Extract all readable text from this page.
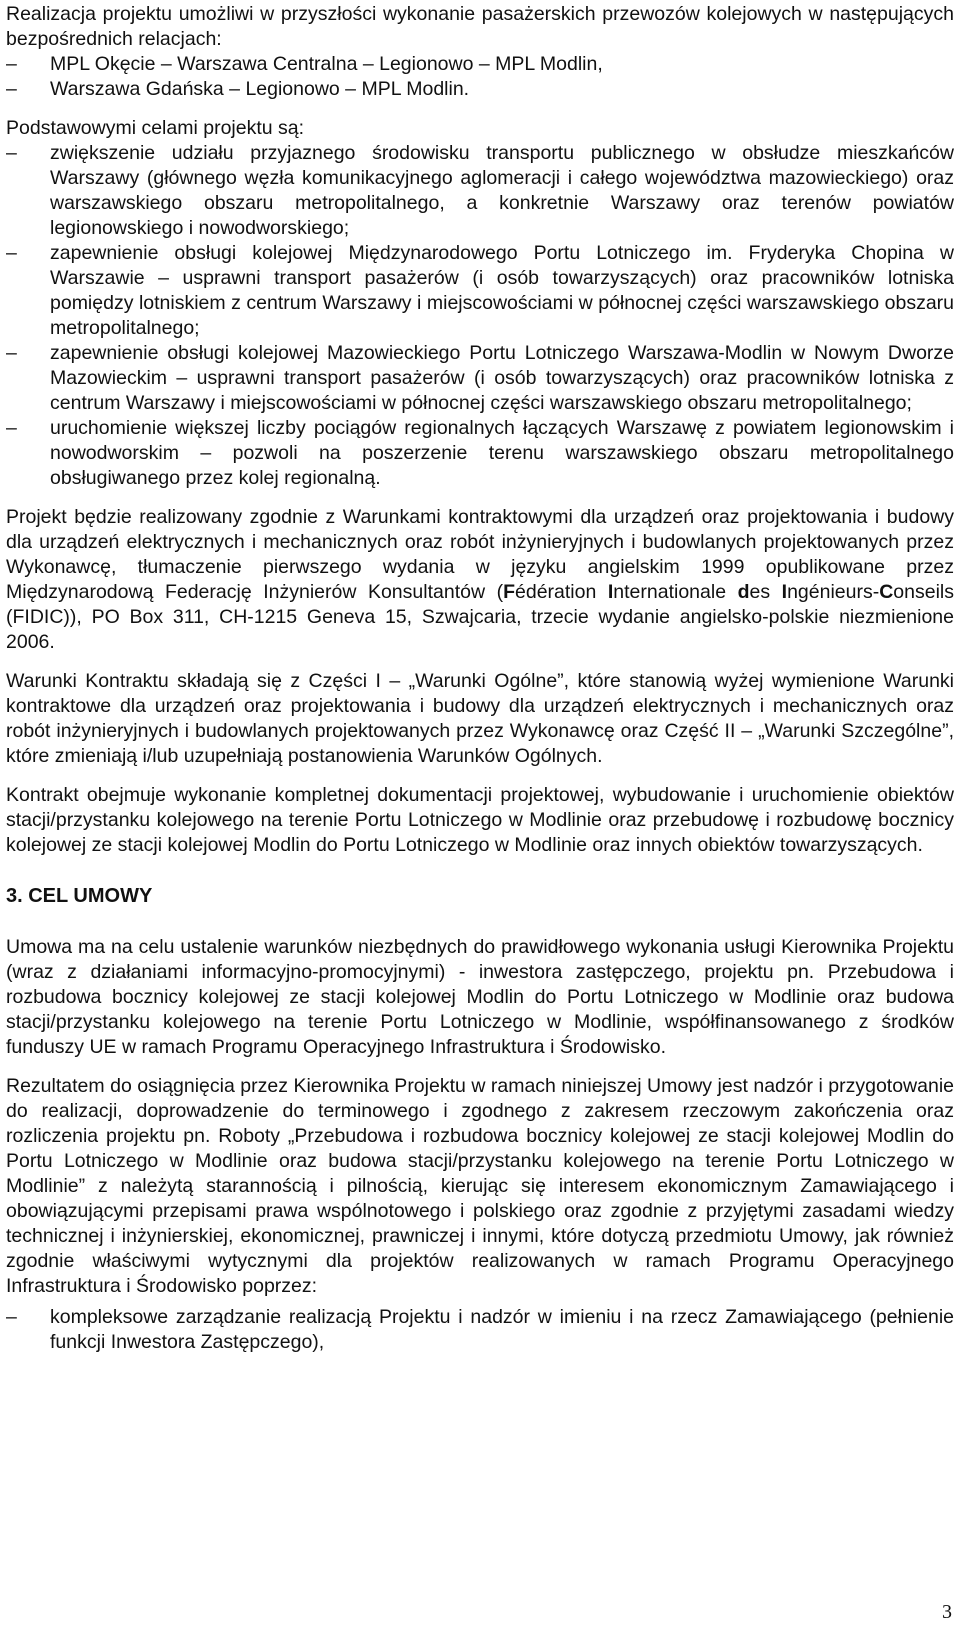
Realizacja projektu umożliwi w przyszłości wykonanie pasażerskich przewozów kolejowych w następujących bezpośrednich relacjach:

–	MPL Okęcie – Warszawa Centralna – Legionowo – MPL Modlin,
–	Warszawa Gdańska – Legionowo – MPL Modlin.

Podstawowymi celami projektu są:

–	zwiększenie udziału przyjaznego środowisku transportu publicznego w obsłudze mieszkańców Warszawy (głównego węzła komunikacyjnego aglomeracji i całego województwa mazowieckiego) oraz warszawskiego obszaru metropolitalnego, a konkretnie Warszawy oraz terenów powiatów legionowskiego i nowodworskiego;
–	zapewnienie obsługi kolejowej Międzynarodowego Portu Lotniczego im. Fryderyka Chopina w Warszawie – usprawni transport pasażerów (i osób towarzyszących) oraz pracowników lotniska pomiędzy lotniskiem z centrum Warszawy i miejscowościami w północnej części warszawskiego obszaru metropolitalnego;
–	zapewnienie obsługi kolejowej Mazowieckiego Portu Lotniczego Warszawa-Modlin w Nowym Dworze Mazowieckim – usprawni transport pasażerów (i osób towarzyszących) oraz pracowników lotniska z centrum Warszawy i miejscowościami w północnej części warszawskiego obszaru metropolitalnego;
–	uruchomienie większej liczby pociągów regionalnych łączących Warszawę z powiatem legionowskim i nowodworskim – pozwoli na poszerzenie terenu warszawskiego obszaru metropolitalnego obsługiwanego przez kolej regionalną.

Projekt będzie realizowany zgodnie z Warunkami kontraktowymi dla urządzeń oraz projektowania i budowy dla urządzeń elektrycznych i mechanicznych oraz robót inżynieryjnych i budowlanych projektowanych przez Wykonawcę, tłumaczenie pierwszego wydania w języku angielskim 1999 opublikowane przez Międzynarodową Federację Inżynierów Konsultantów (Fédération Internationale des Ingénieurs-Conseils (FIDIC)), PO Box 311, CH-1215 Geneva 15, Szwajcaria, trzecie wydanie angielsko-polskie niezmienione 2006.

Warunki Kontraktu składają się z Części I – „Warunki Ogólne”, które stanowią wyżej wymienione Warunki kontraktowe dla urządzeń oraz projektowania i budowy dla urządzeń elektrycznych i mechanicznych oraz robót inżynieryjnych i budowlanych projektowanych przez Wykonawcę oraz Część II – „Warunki Szczególne”, które zmieniają i/lub uzupełniają postanowienia Warunków Ogólnych.

Kontrakt obejmuje wykonanie kompletnej dokumentacji projektowej, wybudowanie i uruchomienie obiektów stacji/przystanku kolejowego na terenie Portu Lotniczego w Modlinie oraz przebudowę i rozbudowę bocznicy kolejowej ze stacji kolejowej Modlin do Portu Lotniczego w Modlinie oraz innych obiektów towarzyszących.

3. CEL UMOWY

Umowa ma na celu ustalenie warunków niezbędnych do prawidłowego wykonania usługi Kierownika Projektu (wraz z działaniami informacyjno-promocyjnymi) - inwestora zastępczego, projektu pn. Przebudowa i rozbudowa bocznicy kolejowej ze stacji kolejowej Modlin do Portu Lotniczego w Modlinie oraz budowa stacji/przystanku kolejowego na terenie Portu Lotniczego w Modlinie, współfinansowanego z środków funduszy UE w ramach Programu Operacyjnego Infrastruktura i Środowisko.

Rezultatem do osiągnięcia przez Kierownika Projektu w ramach niniejszej Umowy jest nadzór i przygotowanie do realizacji, doprowadzenie do terminowego i zgodnego z zakresem rzeczowym zakończenia oraz rozliczenia projektu pn. Roboty „Przebudowa i rozbudowa bocznicy kolejowej ze stacji kolejowej Modlin do Portu Lotniczego w Modlinie oraz budowa stacji/przystanku kolejowego na terenie Portu Lotniczego w Modlinie” z należytą starannością i pilnością, kierując się interesem ekonomicznym Zamawiającego i obowiązującymi przepisami prawa wspólnotowego i polskiego oraz zgodnie z przyjętymi zasadami wiedzy technicznej i inżynierskiej, ekonomicznej, prawniczej i innymi, które dotyczą przedmiotu Umowy, jak również zgodnie właściwymi wytycznymi dla projektów realizowanych w ramach Programu Operacyjnego Infrastruktura i Środowisko poprzez:

–	kompleksowe zarządzanie realizacją Projektu i nadzór w imieniu i na rzecz Zamawiającego (pełnienie funkcji Inwestora Zastępczego),
3
